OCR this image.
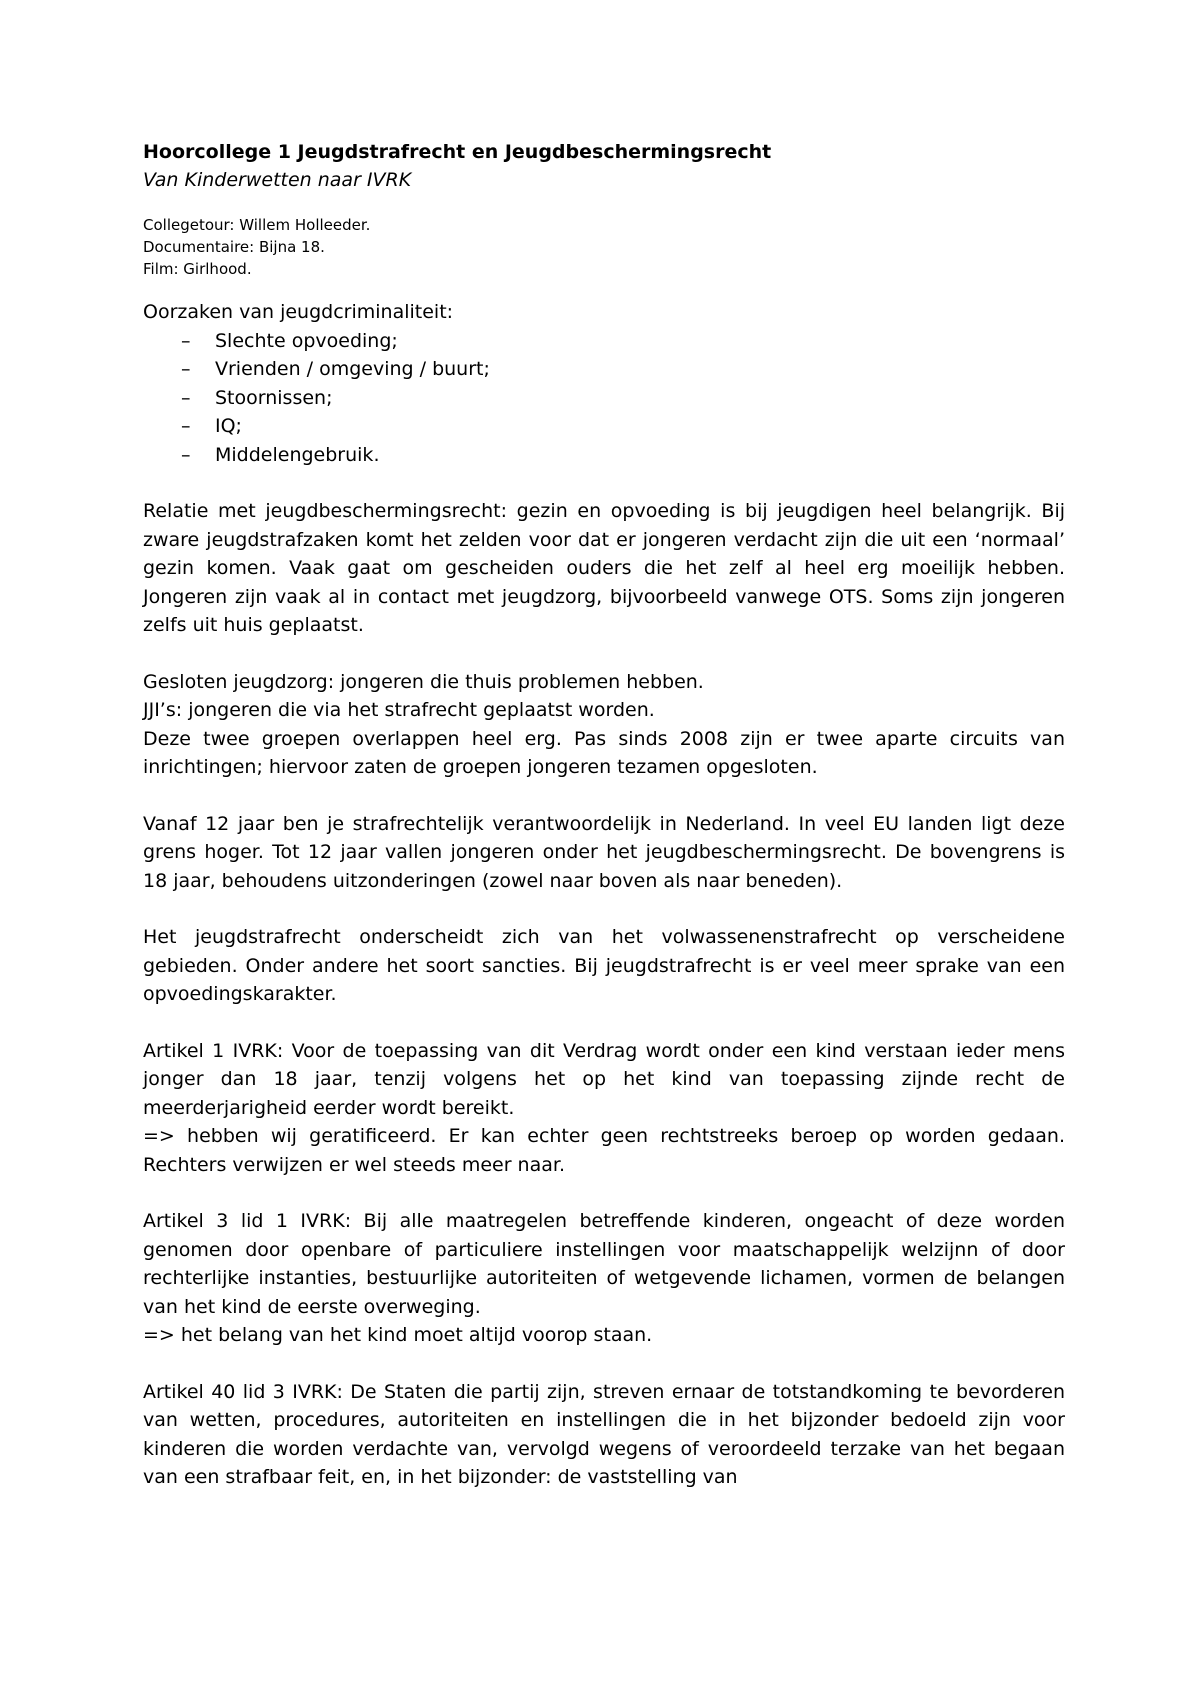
Hoorcollege 1 Jeugdstrafrecht en Jeugdbeschermingsrecht

Van Kinderwetten naar IVRK

Collegetour: Willem Holleeder.
Documentaire: Bijna 18.
Film: Girlhood.
Oorzaken van jeugdcriminaliteit:
– Slechte opvoeding;
– Vrienden / omgeving / buurt;
– Stoornissen;
– IQ;
– Middelengebruik.

Relatie met jeugdbeschermingsrecht: gezin en opvoeding is bij jeugdigen heel belangrijk. Bij zware jeugdstrafzaken komt het zelden voor dat er jongeren verdacht zijn die uit een ‘normaal’ gezin komen. Vaak gaat om gescheiden ouders die het zelf al heel erg moeilijk hebben. Jongeren zijn vaak al in contact met jeugdzorg, bijvoorbeeld vanwege OTS. Soms zijn jongeren zelfs uit huis geplaatst.

Gesloten jeugdzorg: jongeren die thuis problemen hebben.

JJI’s: jongeren die via het strafrecht geplaatst worden.

Deze twee groepen overlappen heel erg. Pas sinds 2008 zijn er twee aparte circuits van inrichtingen; hiervoor zaten de groepen jongeren tezamen opgesloten.

Vanaf 12 jaar ben je strafrechtelijk verantwoordelijk in Nederland. In veel EU landen ligt deze grens hoger. Tot 12 jaar vallen jongeren onder het jeugdbeschermingsrecht. De bovengrens is 18 jaar, behoudens uitzonderingen (zowel naar boven als naar beneden).

Het jeugdstrafrecht onderscheidt zich van het volwassenenstrafrecht op verscheidene gebieden. Onder andere het soort sancties. Bij jeugdstrafrecht is er veel meer sprake van een opvoedingskarakter.

Artikel 1 IVRK: Voor de toepassing van dit Verdrag wordt onder een kind verstaan ieder mens jonger dan 18 jaar, tenzij volgens het op het kind van toepassing zijnde recht de meerderjarigheid eerder wordt bereikt.

=> hebben wij geratificeerd. Er kan echter geen rechtstreeks beroep op worden gedaan. Rechters verwijzen er wel steeds meer naar.

Artikel 3 lid 1 IVRK: Bij alle maatregelen betreffende kinderen, ongeacht of deze worden genomen door openbare of particuliere instellingen voor maatschappelijk welzijnn of door rechterlijke instanties, bestuurlijke autoriteiten of wetgevende lichamen, vormen de belangen van het kind de eerste overweging.

=> het belang van het kind moet altijd voorop staan.

Artikel 40 lid 3 IVRK: De Staten die partij zijn, streven ernaar de totstandkoming te bevorderen van wetten, procedures, autoriteiten en instellingen die in het bijzonder bedoeld zijn voor kinderen die worden verdachte van, vervolgd wegens of veroordeeld terzake van het begaan van een strafbaar feit, en, in het bijzonder: de vaststelling van
